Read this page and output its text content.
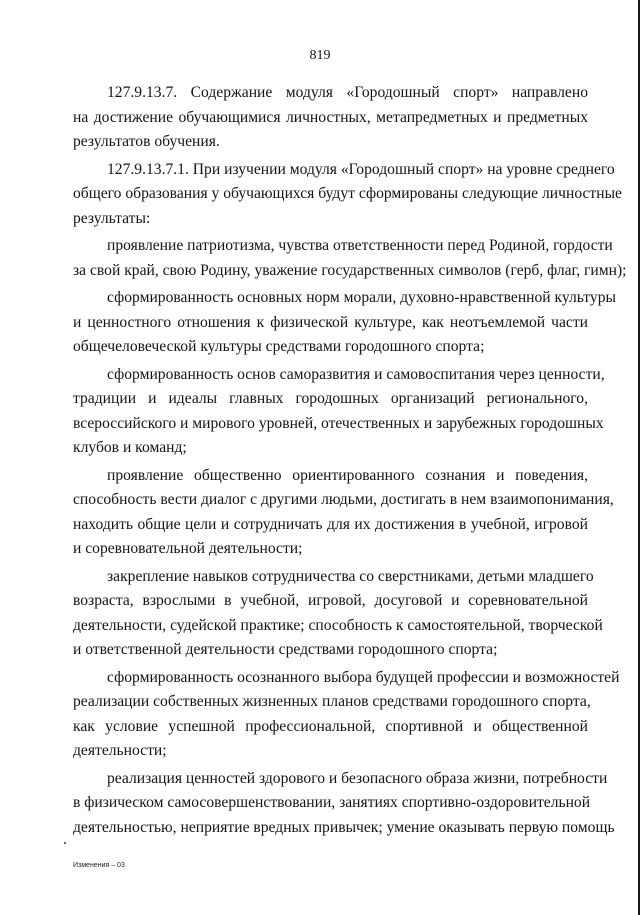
819
127.9.13.7. Содержание модуля «Городошный спорт» направлено
на достижение обучающимися личностных, метапредметных и предметных
результатов обучения.
127.9.13.7.1. При изучении модуля «Городошный спорт» на уровне среднего
общего образования у обучающихся будут сформированы следующие личностные
результаты:
проявление патриотизма, чувства ответственности перед Родиной, гордости
за свой край, свою Родину, уважение государственных символов (герб, флаг, гимн);
сформированность основных норм морали, духовно-нравственной культуры
и ценностного отношения к физической культуре, как неотъемлемой части
общечеловеческой культуры средствами городошного спорта;
сформированность основ саморазвития и самовоспитания через ценности,
традиции и идеалы главных городошных организаций регионального,
всероссийского и мирового уровней, отечественных и зарубежных городошных
клубов и команд;
проявление общественно ориентированного сознания и поведения,
способность вести диалог с другими людьми, достигать в нем взаимопонимания,
находить общие цели и сотрудничать для их достижения в учебной, игровой
и соревновательной деятельности;
закрепление навыков сотрудничества со сверстниками, детьми младшего
возраста, взрослыми в учебной, игровой, досуговой и соревновательной
деятельности, судейской практике; способность к самостоятельной, творческой
и ответственной деятельности средствами городошного спорта;
сформированность осознанного выбора будущей профессии и возможностей
реализации собственных жизненных планов средствами городошного спорта,
как условие успешной профессиональной, спортивной и общественной
деятельности;
реализация ценностей здорового и безопасного образа жизни, потребности
в физическом самосовершенствовании, занятиях спортивно-оздоровительной
деятельностью, неприятие вредных привычек; умение оказывать первую помощь
Изменения – 03
